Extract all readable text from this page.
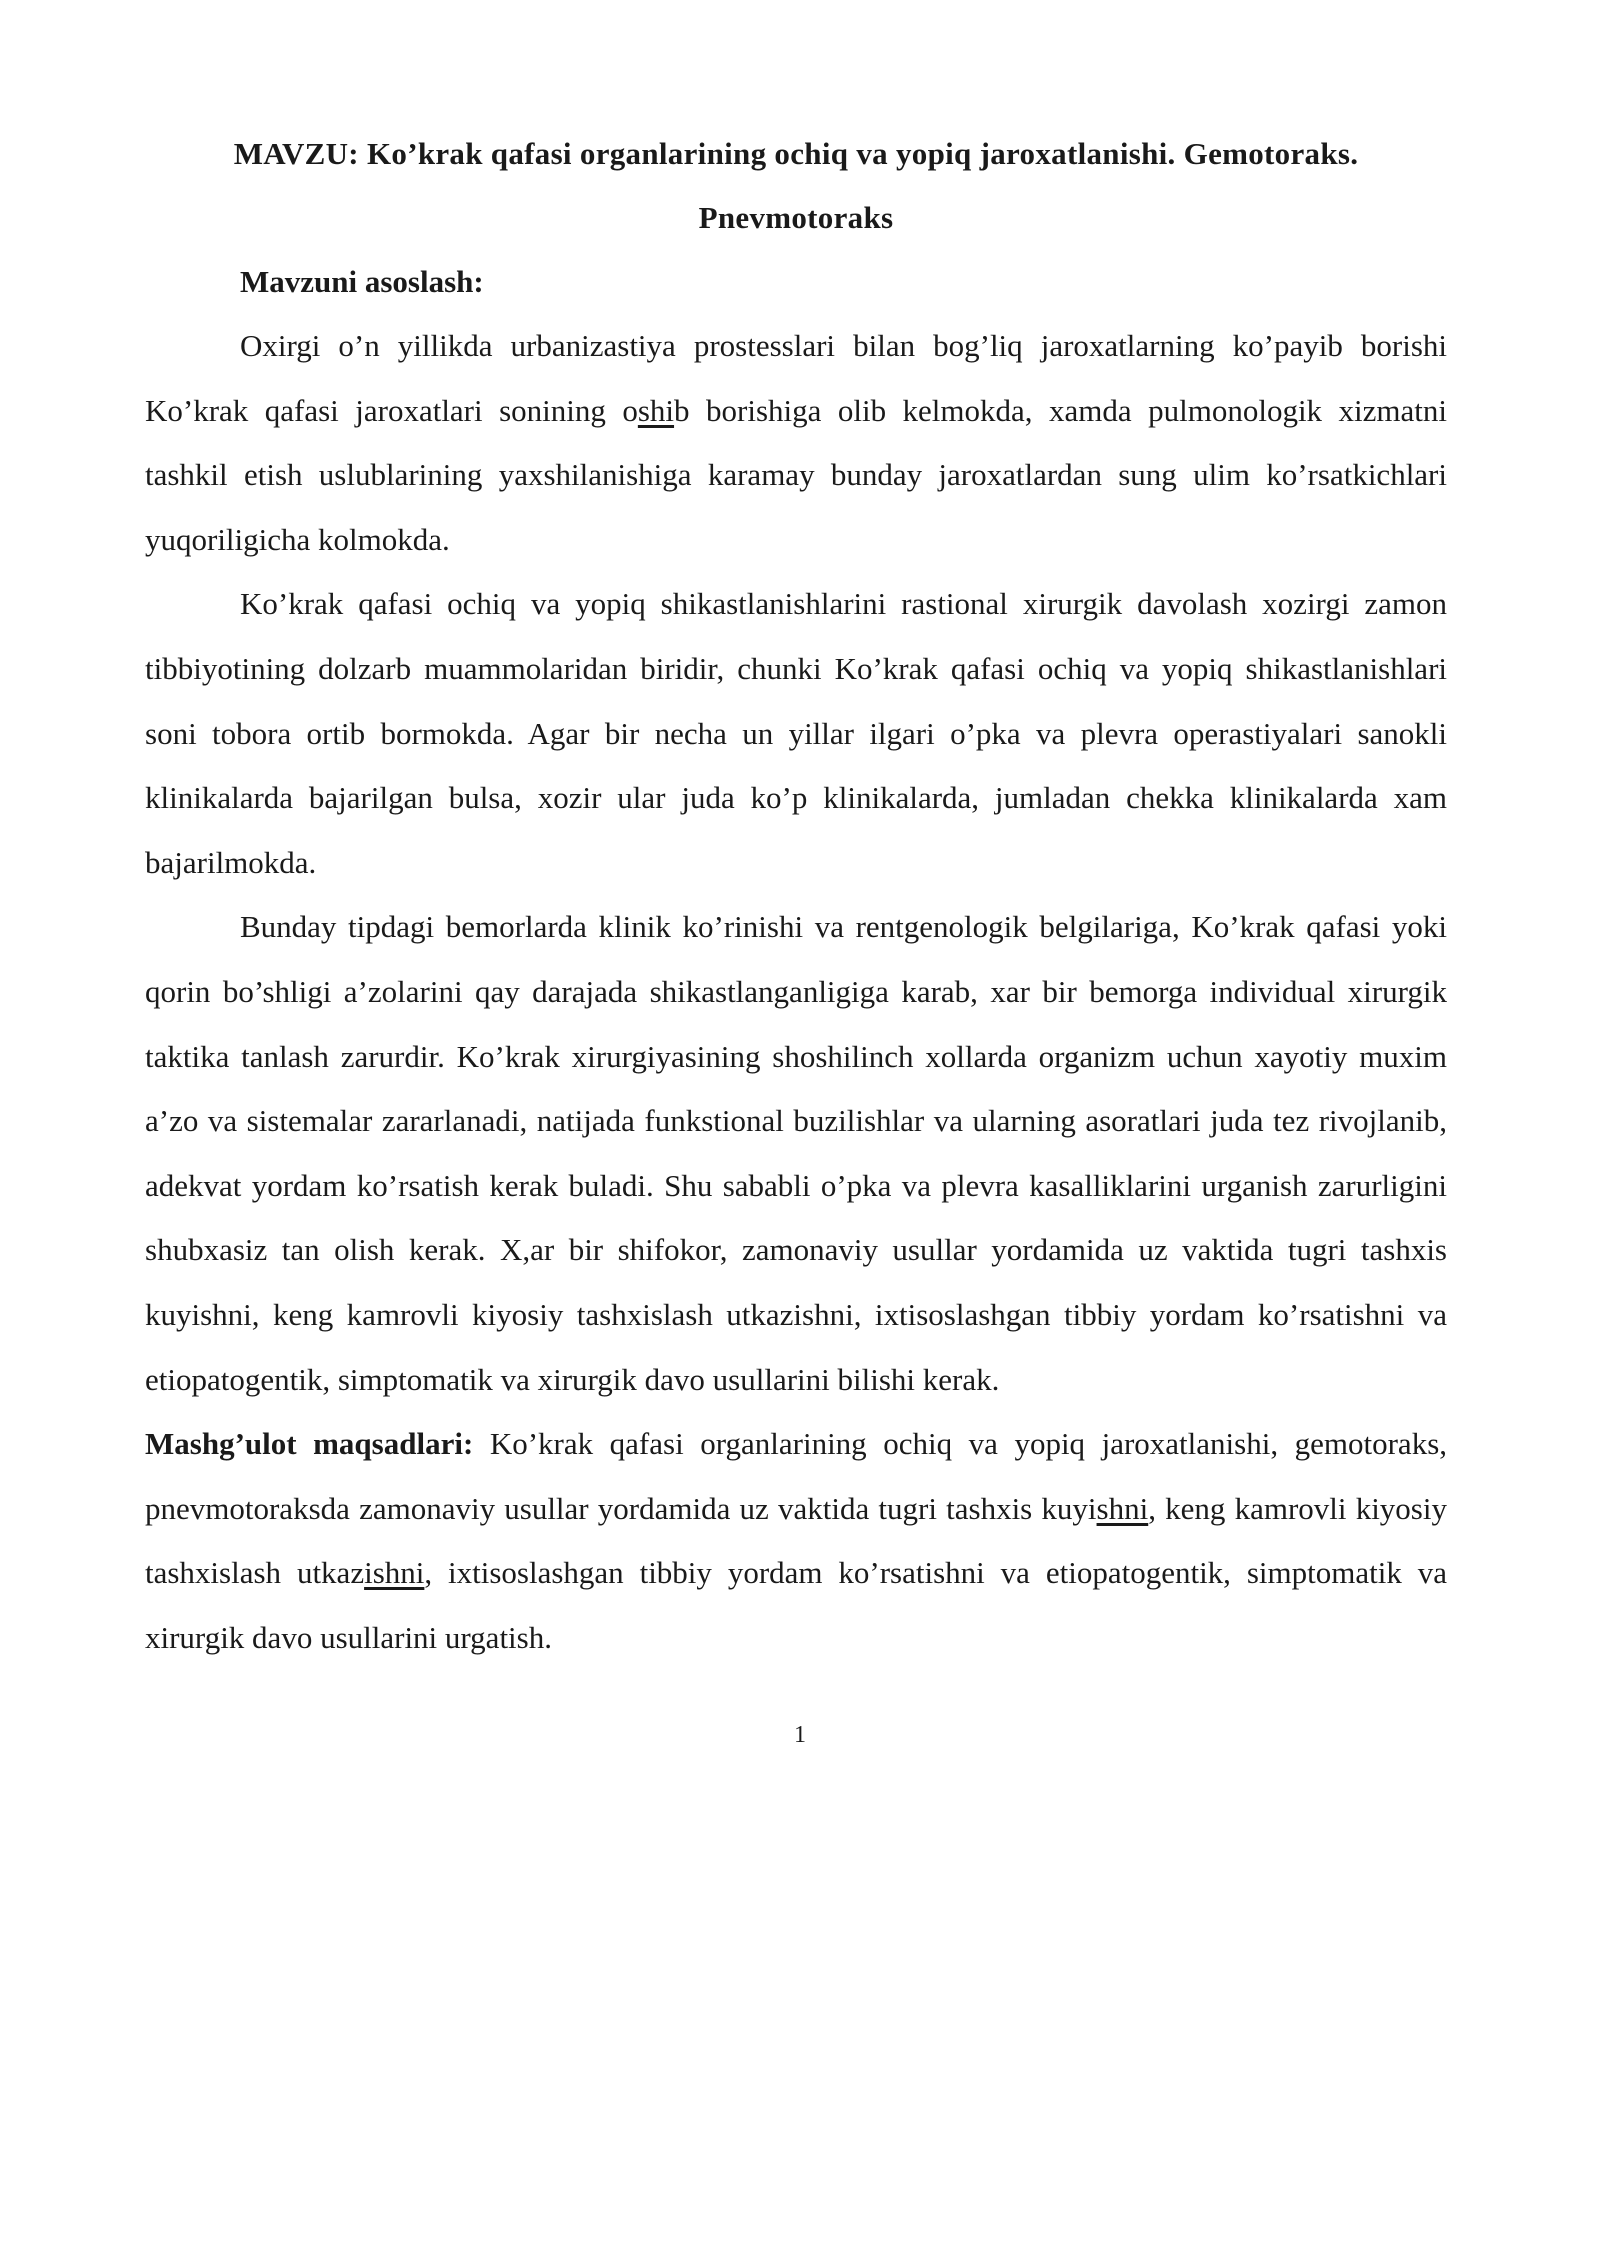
MAVZU: Ko’krak qafasi organlarining ochiq va yopiq jaroxatlanishi. Gemotoraks. Pnevmotoraks

Mavzuni asoslash:

Oxirgi o’n yillikda urbanizastiya prostesslari bilan bog’liq jaroxatlarning ko’payib borishi Ko’krak qafasi jaroxatlari sonining oshib borishiga olib kelmokda, xamda pulmonologik xizmatni tashkil etish uslublarining yaxshilanishiga karamay bunday jaroxatlardan sung ulim ko’rsatkichlari yuqoriligicha kolmokda.

Ko’krak qafasi ochiq va yopiq shikastlanishlarini rastional xirurgik davolash xozirgi zamon tibbiyotining dolzarb muammolaridan biridir, chunki Ko’krak qafasi ochiq va yopiq shikastlanishlari soni tobora ortib bormokda. Agar bir necha un yillar ilgari o’pka va plevra operastiyalari sanokli klinikalarda bajarilgan bulsa, xozir ular juda ko’p klinikalarda, jumladan chekka klinikalarda xam bajarilmokda.

Bunday tipdagi bemorlarda klinik ko’rinishi va rentgenologik belgilariga, Ko’krak qafasi yoki qorin bo’shligi a’zolarini qay darajada shikastlanganligiga karab, xar bir bemorga individual xirurgik taktika tanlash zarurdir. Ko’krak xirurgiyasining shoshilinch xollarda organizm uchun xayotiy muxim a’zo va sistemalar zararlanadi, natijada funkstional buzilishlar va ularning asoratlari juda tez rivojlanib, adekvat yordam ko’rsatish kerak buladi. Shu sababli o’pka va plevra kasalliklarini urganish zarurligini shubxasiz tan olish kerak. X,ar bir shifokor, zamonaviy usullar yordamida uz vaktida tugri tashxis kuyishni, keng kamrovli kiyosiy tashxislash utkazishni, ixtisoslashgan tibbiy yordam ko’rsatishni va etiopatogentik, simptomatik va xirurgik davo usullarini bilishi kerak.

Mashg’ulot maqsadlari: Ko’krak qafasi organlarining ochiq va yopiq jaroxatlanishi, gemotoraks, pnevmotoraksda zamonaviy usullar yordamida uz vaktida tugri tashxis kuyishni, keng kamrovli kiyosiy tashxislash utkazishni, ixtisoslashgan tibbiy yordam ko’rsatishni va etiopatogentik, simptomatik va xirurgik davo usullarini urgatish.

1
